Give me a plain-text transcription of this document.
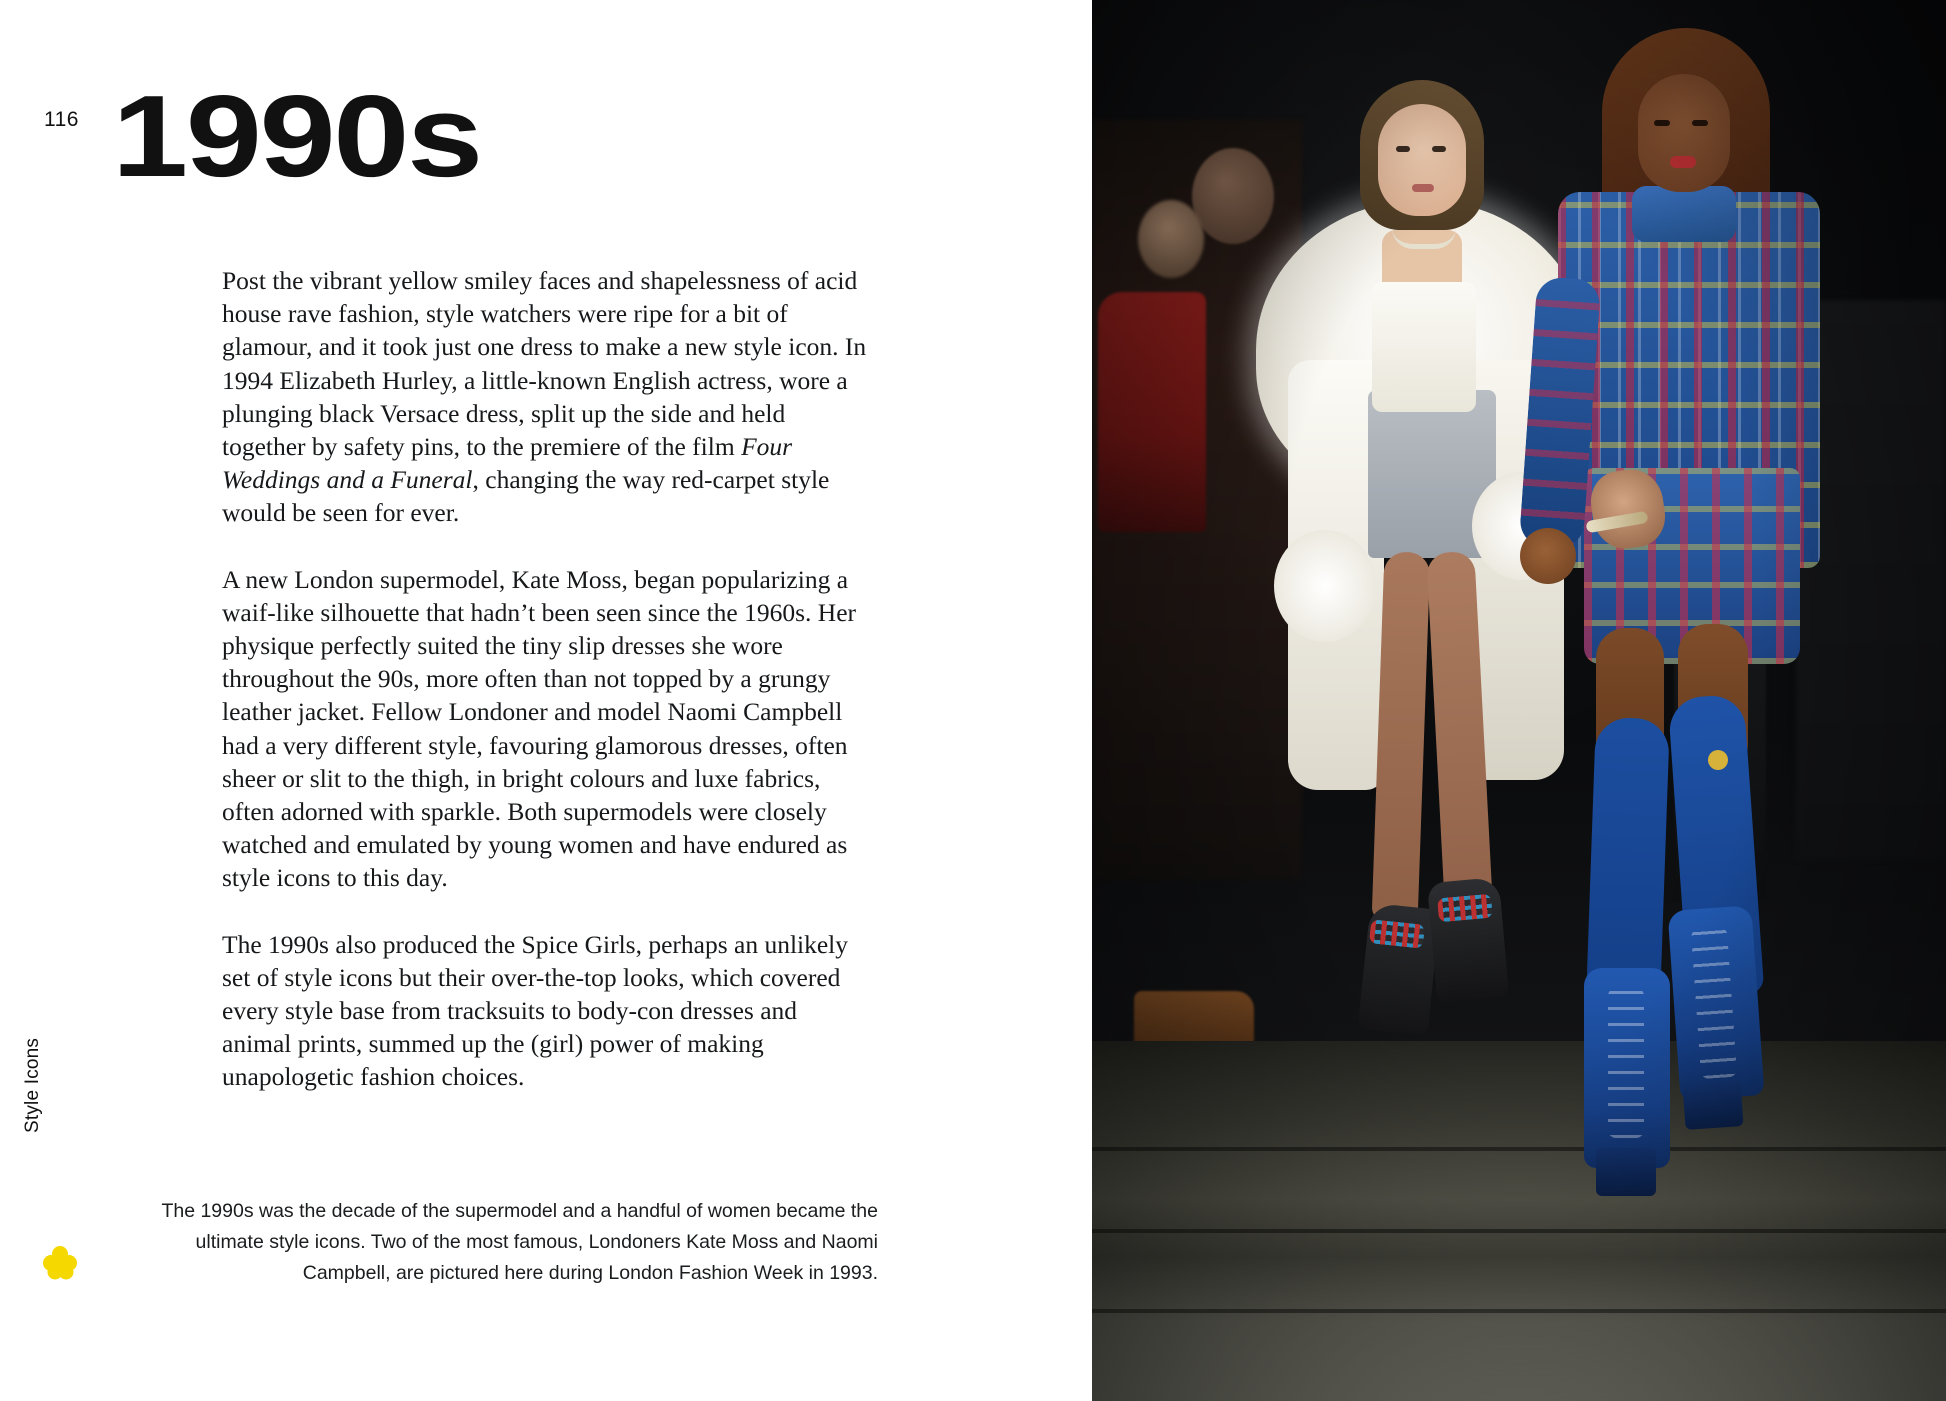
116 1990s

Post the vibrant yellow smiley faces and shapelessness of acid house rave fashion, style watchers were ripe for a bit of glamour, and it took just one dress to make a new style icon. In 1994 Elizabeth Hurley, a little-known English actress, wore a plunging black Versace dress, split up the side and held together by safety pins, to the premiere of the film Four Weddings and a Funeral, changing the way red-carpet style would be seen for ever.

A new London supermodel, Kate Moss, began popularizing a waif-like silhouette that hadn’t been seen since the 1960s. Her physique perfectly suited the tiny slip dresses she wore throughout the 90s, more often than not topped by a grungy leather jacket. Fellow Londoner and model Naomi Campbell had a very different style, favouring glamorous dresses, often sheer or slit to the thigh, in bright colours and luxe fabrics, often adorned with sparkle. Both supermodels were closely watched and emulated by young women and have endured as style icons to this day.

The 1990s also produced the Spice Girls, perhaps an unlikely set of style icons but their over-the-top looks, which covered every style base from tracksuits to body-con dresses and animal prints, summed up the (girl) power of making unapologetic fashion choices.

Style Icons
The 1990s was the decade of the supermodel and a handful of women became the ultimate style icons. Two of the most famous, Londoners Kate Moss and Naomi Campbell, are pictured here during London Fashion Week in 1993.
